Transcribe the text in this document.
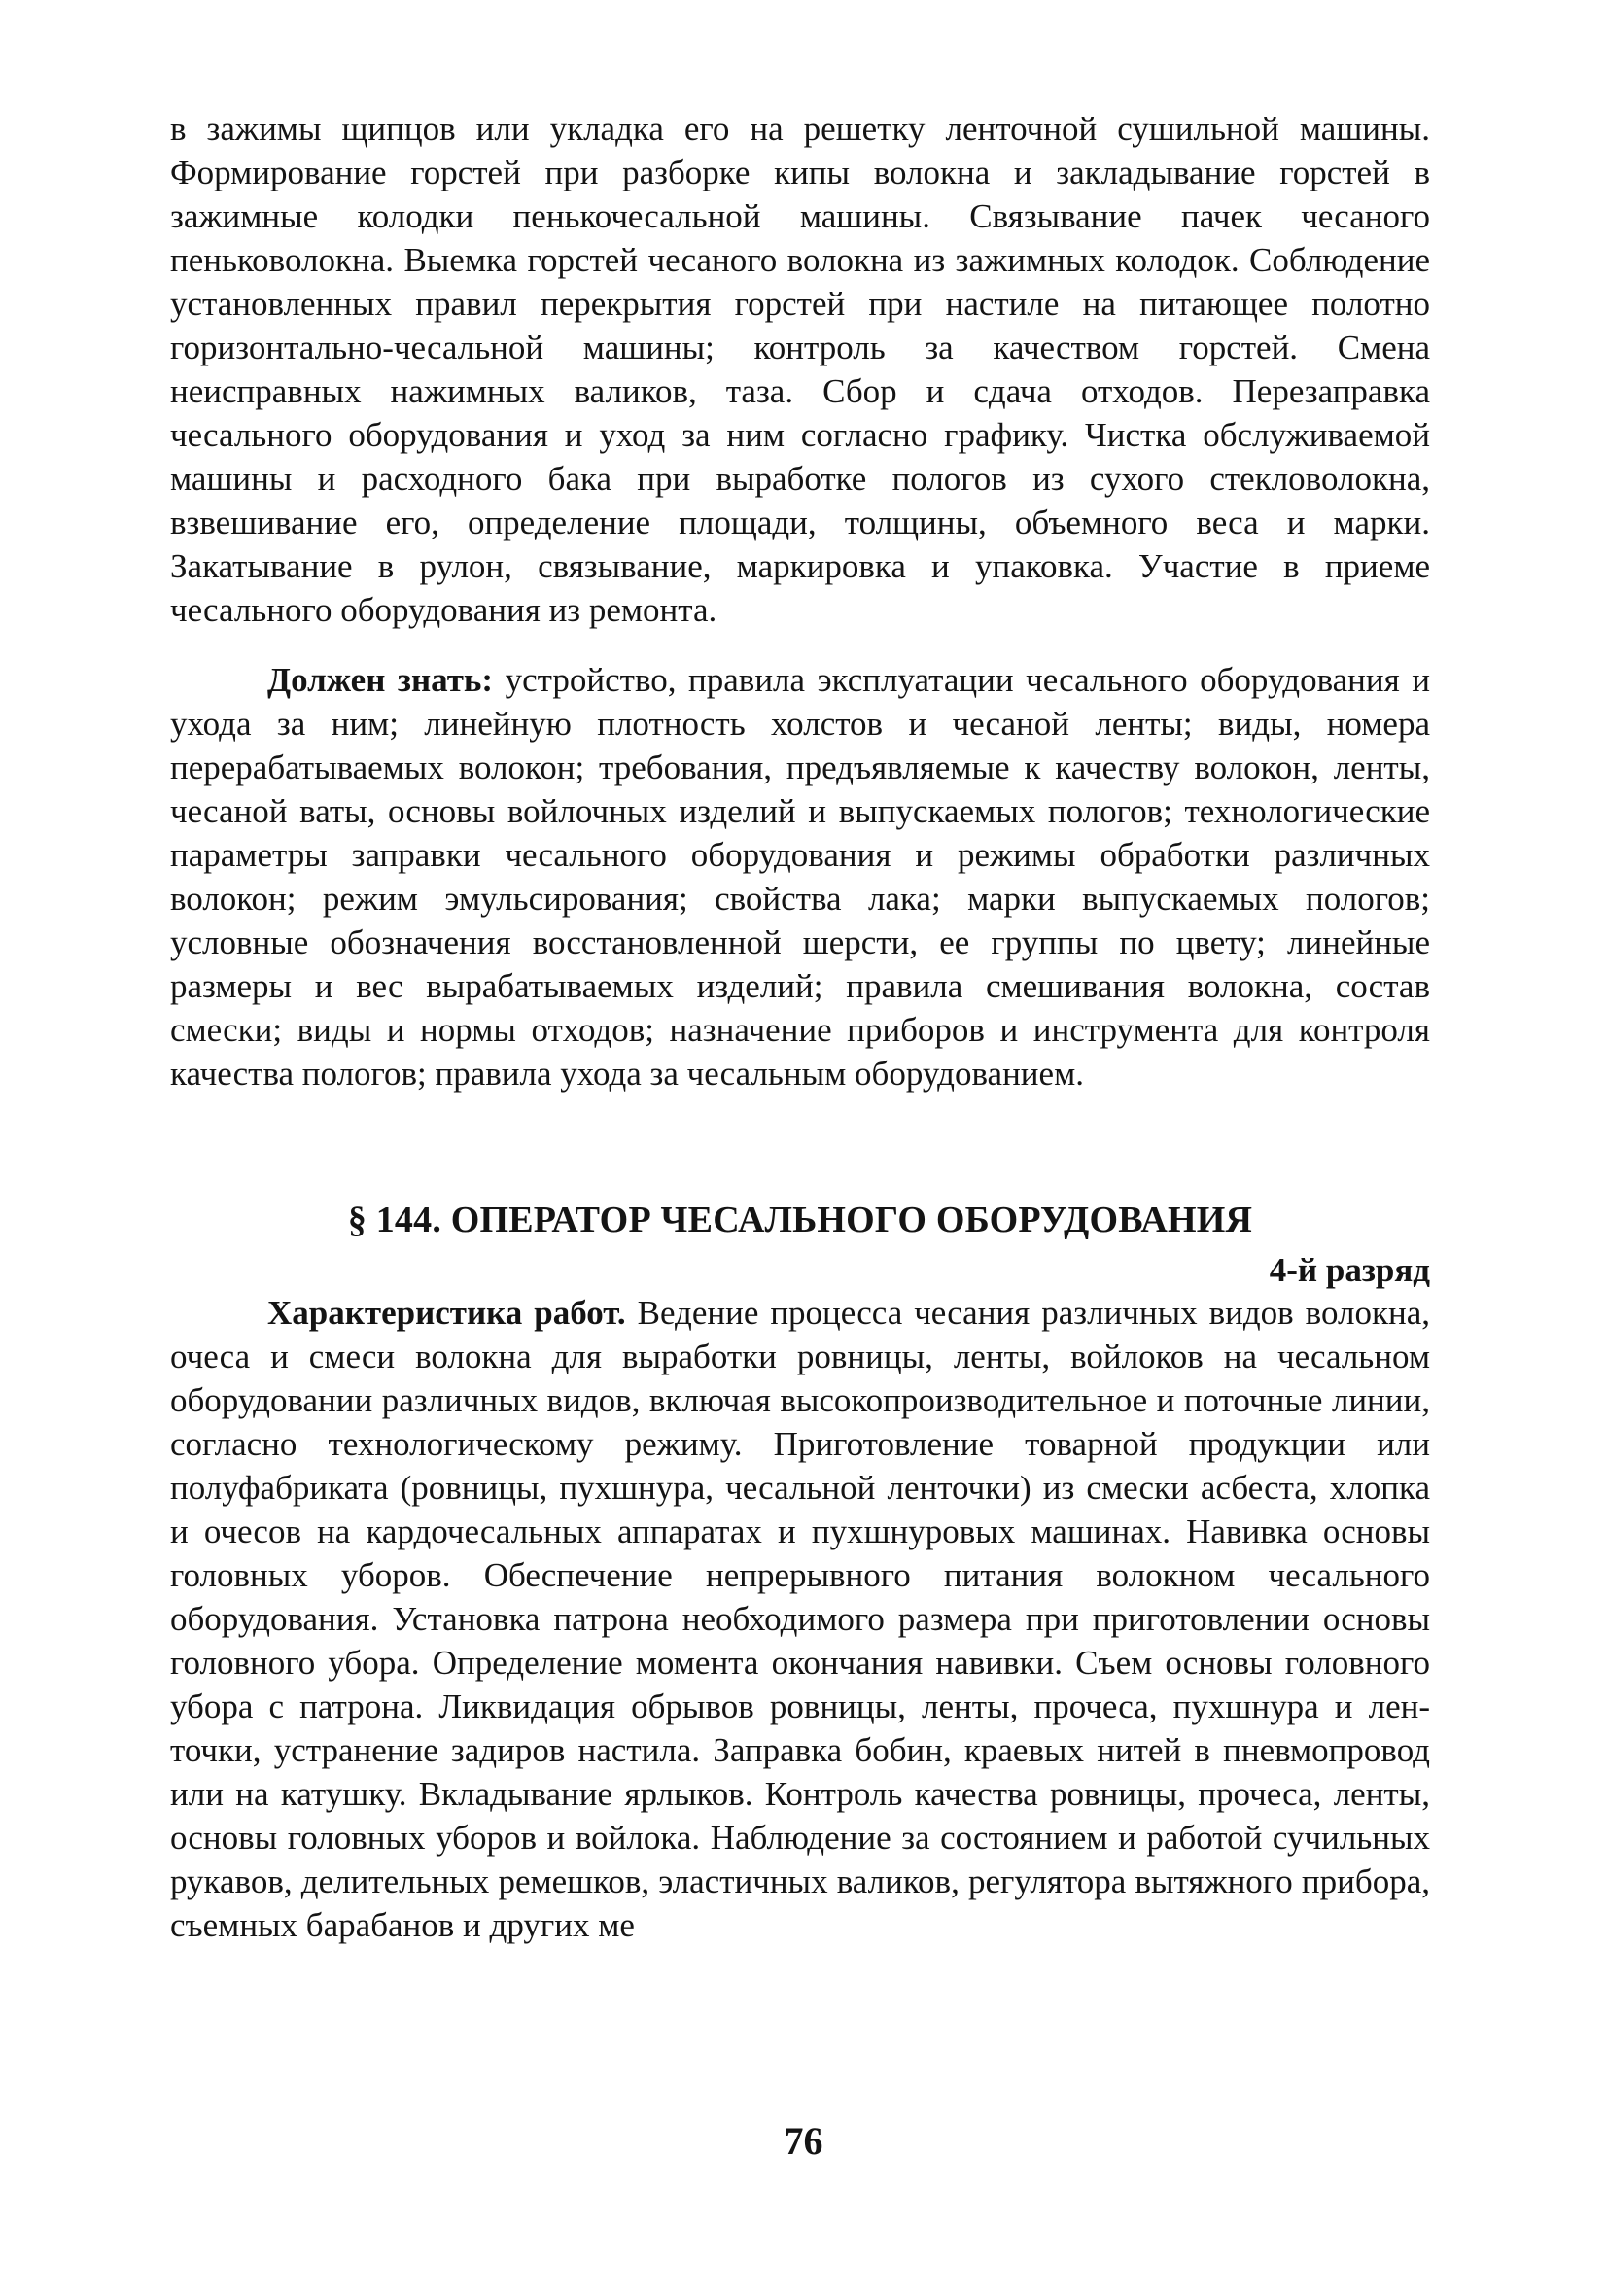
в зажимы щипцов или укладка его на решетку ленточной сушильной машины. Формирование горстей при разборке кипы волокна и закладывание горстей в зажимные колодки пенькочесальной машины. Связывание пачек чесаного пеньковолокна. Выемка горстей чесаного волокна из зажимных колодок. Соблюдение установленных правил перекрытия горстей при настиле на питающее полотно горизонтально-чесальной машины; контроль за качеством горстей. Смена неисправных нажимных валиков, таза. Сбор и сдача отходов. Перезаправка чесального оборудования и уход за ним согласно графику. Чистка обслуживаемой машины и расходного бака при выработке пологов из сухого стекловолокна, взвешивание его, определение площади, толщины, объемного веса и марки. Закатывание в рулон, связывание, маркировка и упаковка. Участие в приеме чесального оборудования из ремонта.

Должен знать: устройство, правила эксплуатации чесального оборудования и ухода за ним; линейную плотность холстов и чесаной ленты; виды, номера перерабатываемых волокон; требования, предъявляемые к качеству волокон, ленты, чесаной ваты, основы войлочных изделий и выпускаемых пологов; технологические параметры заправки чесального оборудования и режимы обработки различных волокон; режим эмульсирования; свойства лака; марки выпускаемых пологов; условные обозначения восстановленной шерсти, ее группы по цвету; линейные размеры и вес вырабатываемых изделий; правила смешивания волокна, состав смески; виды и нормы отходов; назначение приборов и инструмента для контроля качества пологов; правила ухода за чесальным оборудованием.

§ 144. ОПЕРАТОР ЧЕСАЛЬНОГО ОБОРУДОВАНИЯ
4-й разряд

Характеристика работ. Ведение процесса чесания различных видов волокна, очеса и смеси волокна для выработки ровницы, ленты, войлоков на чесальном оборудовании различных видов, включая высокопроизводительное и поточные линии, согласно технологическому режиму. Приготовление товарной продукции или полуфабриката (ровницы, пухшнура, чесальной ленточки) из смески асбеста, хлопка и очесов на кардочесальных аппаратах и пухшнуровых машинах. Навивка основы головных уборов. Обеспечение непрерывного питания волокном чесального оборудования. Установка патрона необходимого размера при приготовлении основы головного убора. Определение момента окончания навивки. Съем основы головного убора с патрона. Ликвидация обрывов ровницы, ленты, прочеса, пухшнура и ленточки, устранение задиров настила. Заправка бобин, краевых нитей в пневмопровод или на катушку. Вкладывание ярлыков. Контроль качества ровницы, прочеса, ленты, основы головных уборов и войлока. Наблюдение за состоянием и работой сучильных рукавов, делительных ремешков, эластичных валиков, регулятора вытяжного прибора, съемных барабанов и других ме

76
